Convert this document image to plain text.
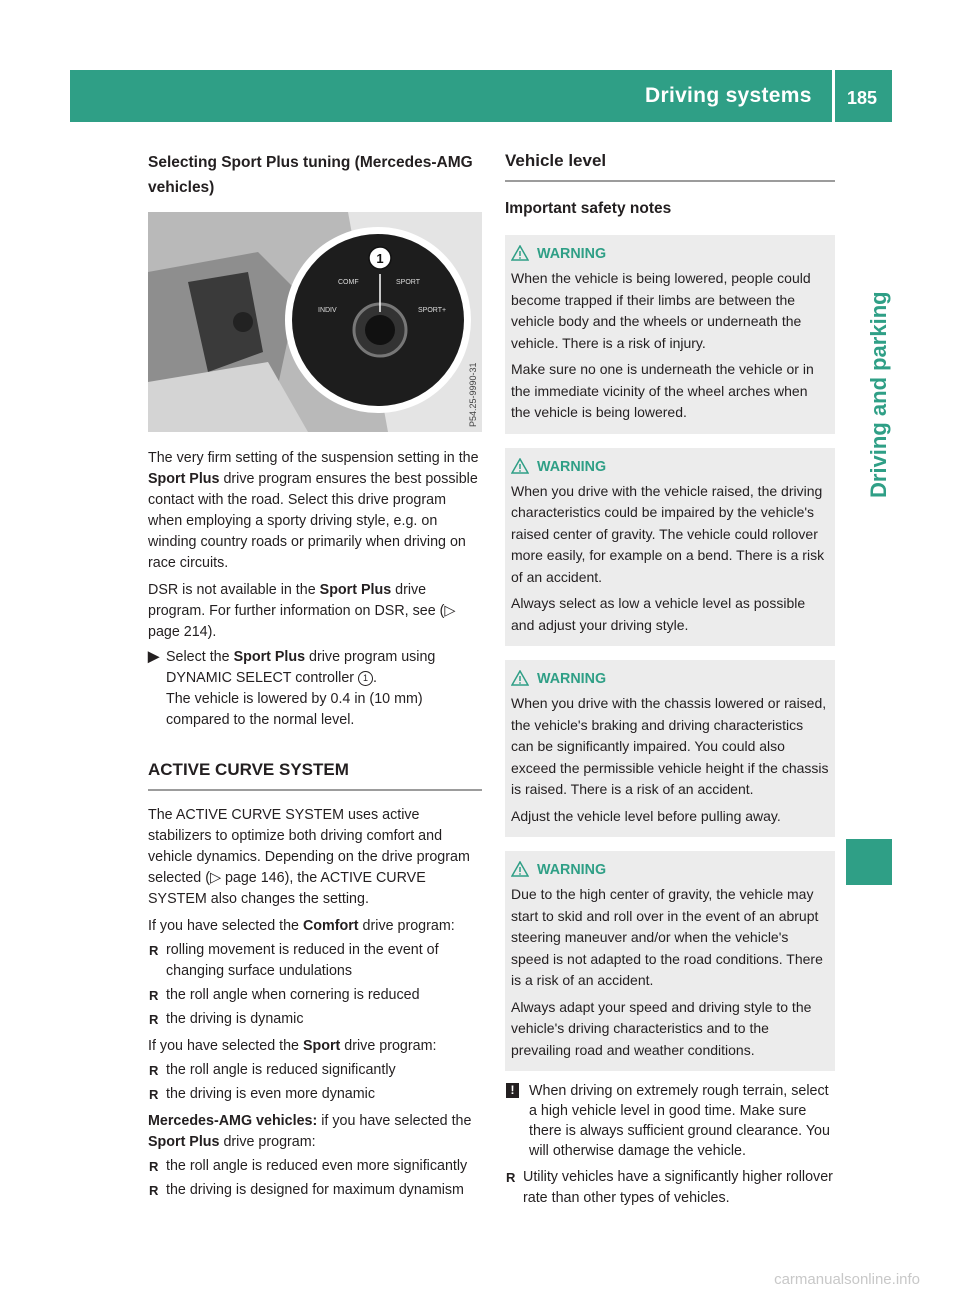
Driving systems 185
Driving and parking
Selecting Sport Plus tuning (Mercedes-AMG vehicles)
1
COMF	SPORT
INDIV	SPORT+
P54.25-9990-31

The very firm setting of the suspension setting in the Sport Plus drive program ensures the best possible contact with the road. Select this drive program when employing a sporty driving style, e.g. on winding country roads or primarily when driving on race circuits.

DSR is not available in the Sport Plus drive program. For further information on DSR, see (▷ page 214).

▶ Select the Sport Plus drive program using DYNAMIC SELECT controller 1 .
The vehicle is lowered by 0.4 in (10 mm) compared to the normal level.
ACTIVE CURVE SYSTEM

The ACTIVE CURVE SYSTEM uses active stabilizers to optimize both driving comfort and vehicle dynamics. Depending on the drive program selected (▷ page 146), the ACTIVE CURVE SYSTEM also changes the setting.

If you have selected the Comfort drive program:

R rolling movement is reduced in the event of changing surface undulations
R the roll angle when cornering is reduced
R the driving is dynamic

If you have selected the Sport drive program:

R the roll angle is reduced significantly
R the driving is even more dynamic

Mercedes-AMG vehicles: if you have selected the Sport Plus drive program:

R the roll angle is reduced even more significantly
R the driving is designed for maximum dynamism
Vehicle level
Important safety notes
WARNING

When the vehicle is being lowered, people could become trapped if their limbs are between the vehicle body and the wheels or underneath the vehicle. There is a risk of injury.

Make sure no one is underneath the vehicle or in the immediate vicinity of the wheel arches when the vehicle is being lowered.

WARNING

When you drive with the vehicle raised, the driving characteristics could be impaired by the vehicle's raised center of gravity. The vehicle could rollover more easily, for example on a bend. There is a risk of an accident.

Always select as low a vehicle level as possible and adjust your driving style.

WARNING

When you drive with the chassis lowered or raised, the vehicle's braking and driving characteristics can be significantly impaired. You could also exceed the permissible vehicle height if the chassis is raised. There is a risk of an accident.

Adjust the vehicle level before pulling away.

WARNING

Due to the high center of gravity, the vehicle may start to skid and roll over in the event of an abrupt steering maneuver and/or when the vehicle's speed is not adapted to the road conditions. There is a risk of an accident.

Always adapt your speed and driving style to the vehicle's driving characteristics and to the prevailing road and weather conditions.

!	When driving on extremely rough terrain, select a high vehicle level in good time. Make sure there is always sufficient ground clearance. You will otherwise damage the vehicle.
R Utility vehicles have a significantly higher rollover rate than other types of vehicles.
carmanualsonline.info
